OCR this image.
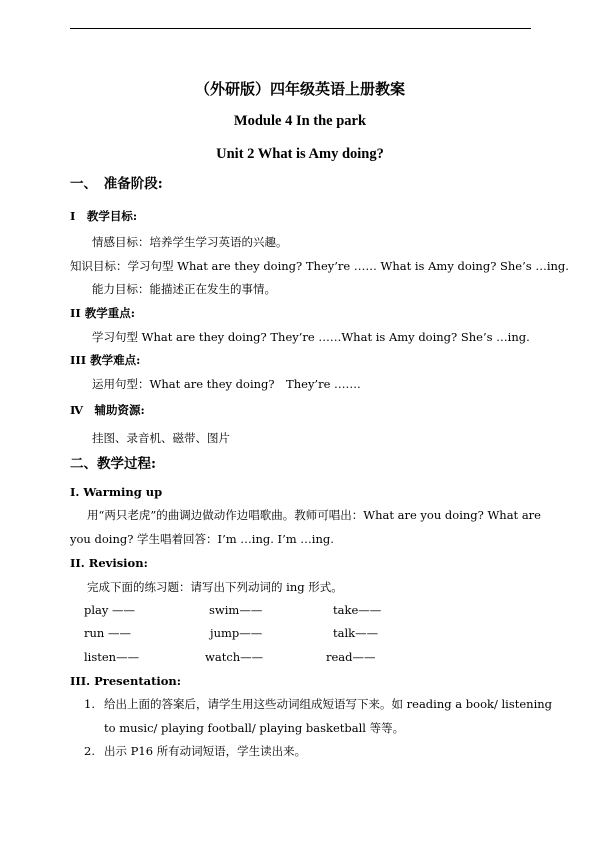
（外研版）四年级英语上册教案
Module 4 In the park
Unit 2 What is Amy doing?
一、　准备阶段:
Ⅰ　教学目标:
情感目标：培养学生学习英语的兴趣。
知识目标：学习句型 What are they doing? They’re …… What is Amy doing? She’s …ing.
能力目标：能描述正在发生的事情。
II 教学重点:
学习句型 What are they doing? They’re ……What is Amy doing? She’s …ing.
III 教学难点:
运用句型：What are they doing?　They’re …….
Ⅳ　辅助资源:
挂图、录音机、磁带、图片
二、教学过程:
I. Warming up
用“两只老虎”的曲调边做动作边唱歌曲。教师可唱出：What are you doing? What are
you doing? 学生唱着回答：I’m …ing. I’m …ing.
II. Revision:
完成下面的练习题：请写出下列动词的 ing 形式。
play ——	swim——	take——
run ——	jump——	talk——
listen——	watch——	read——
III. Presentation:
1. 给出上面的答案后，请学生用这些动词组成短语写下来。如 reading a book/ listening
to music/ playing football/ playing basketball 等等。
2. 出示 P16 所有动词短语，学生读出来。
